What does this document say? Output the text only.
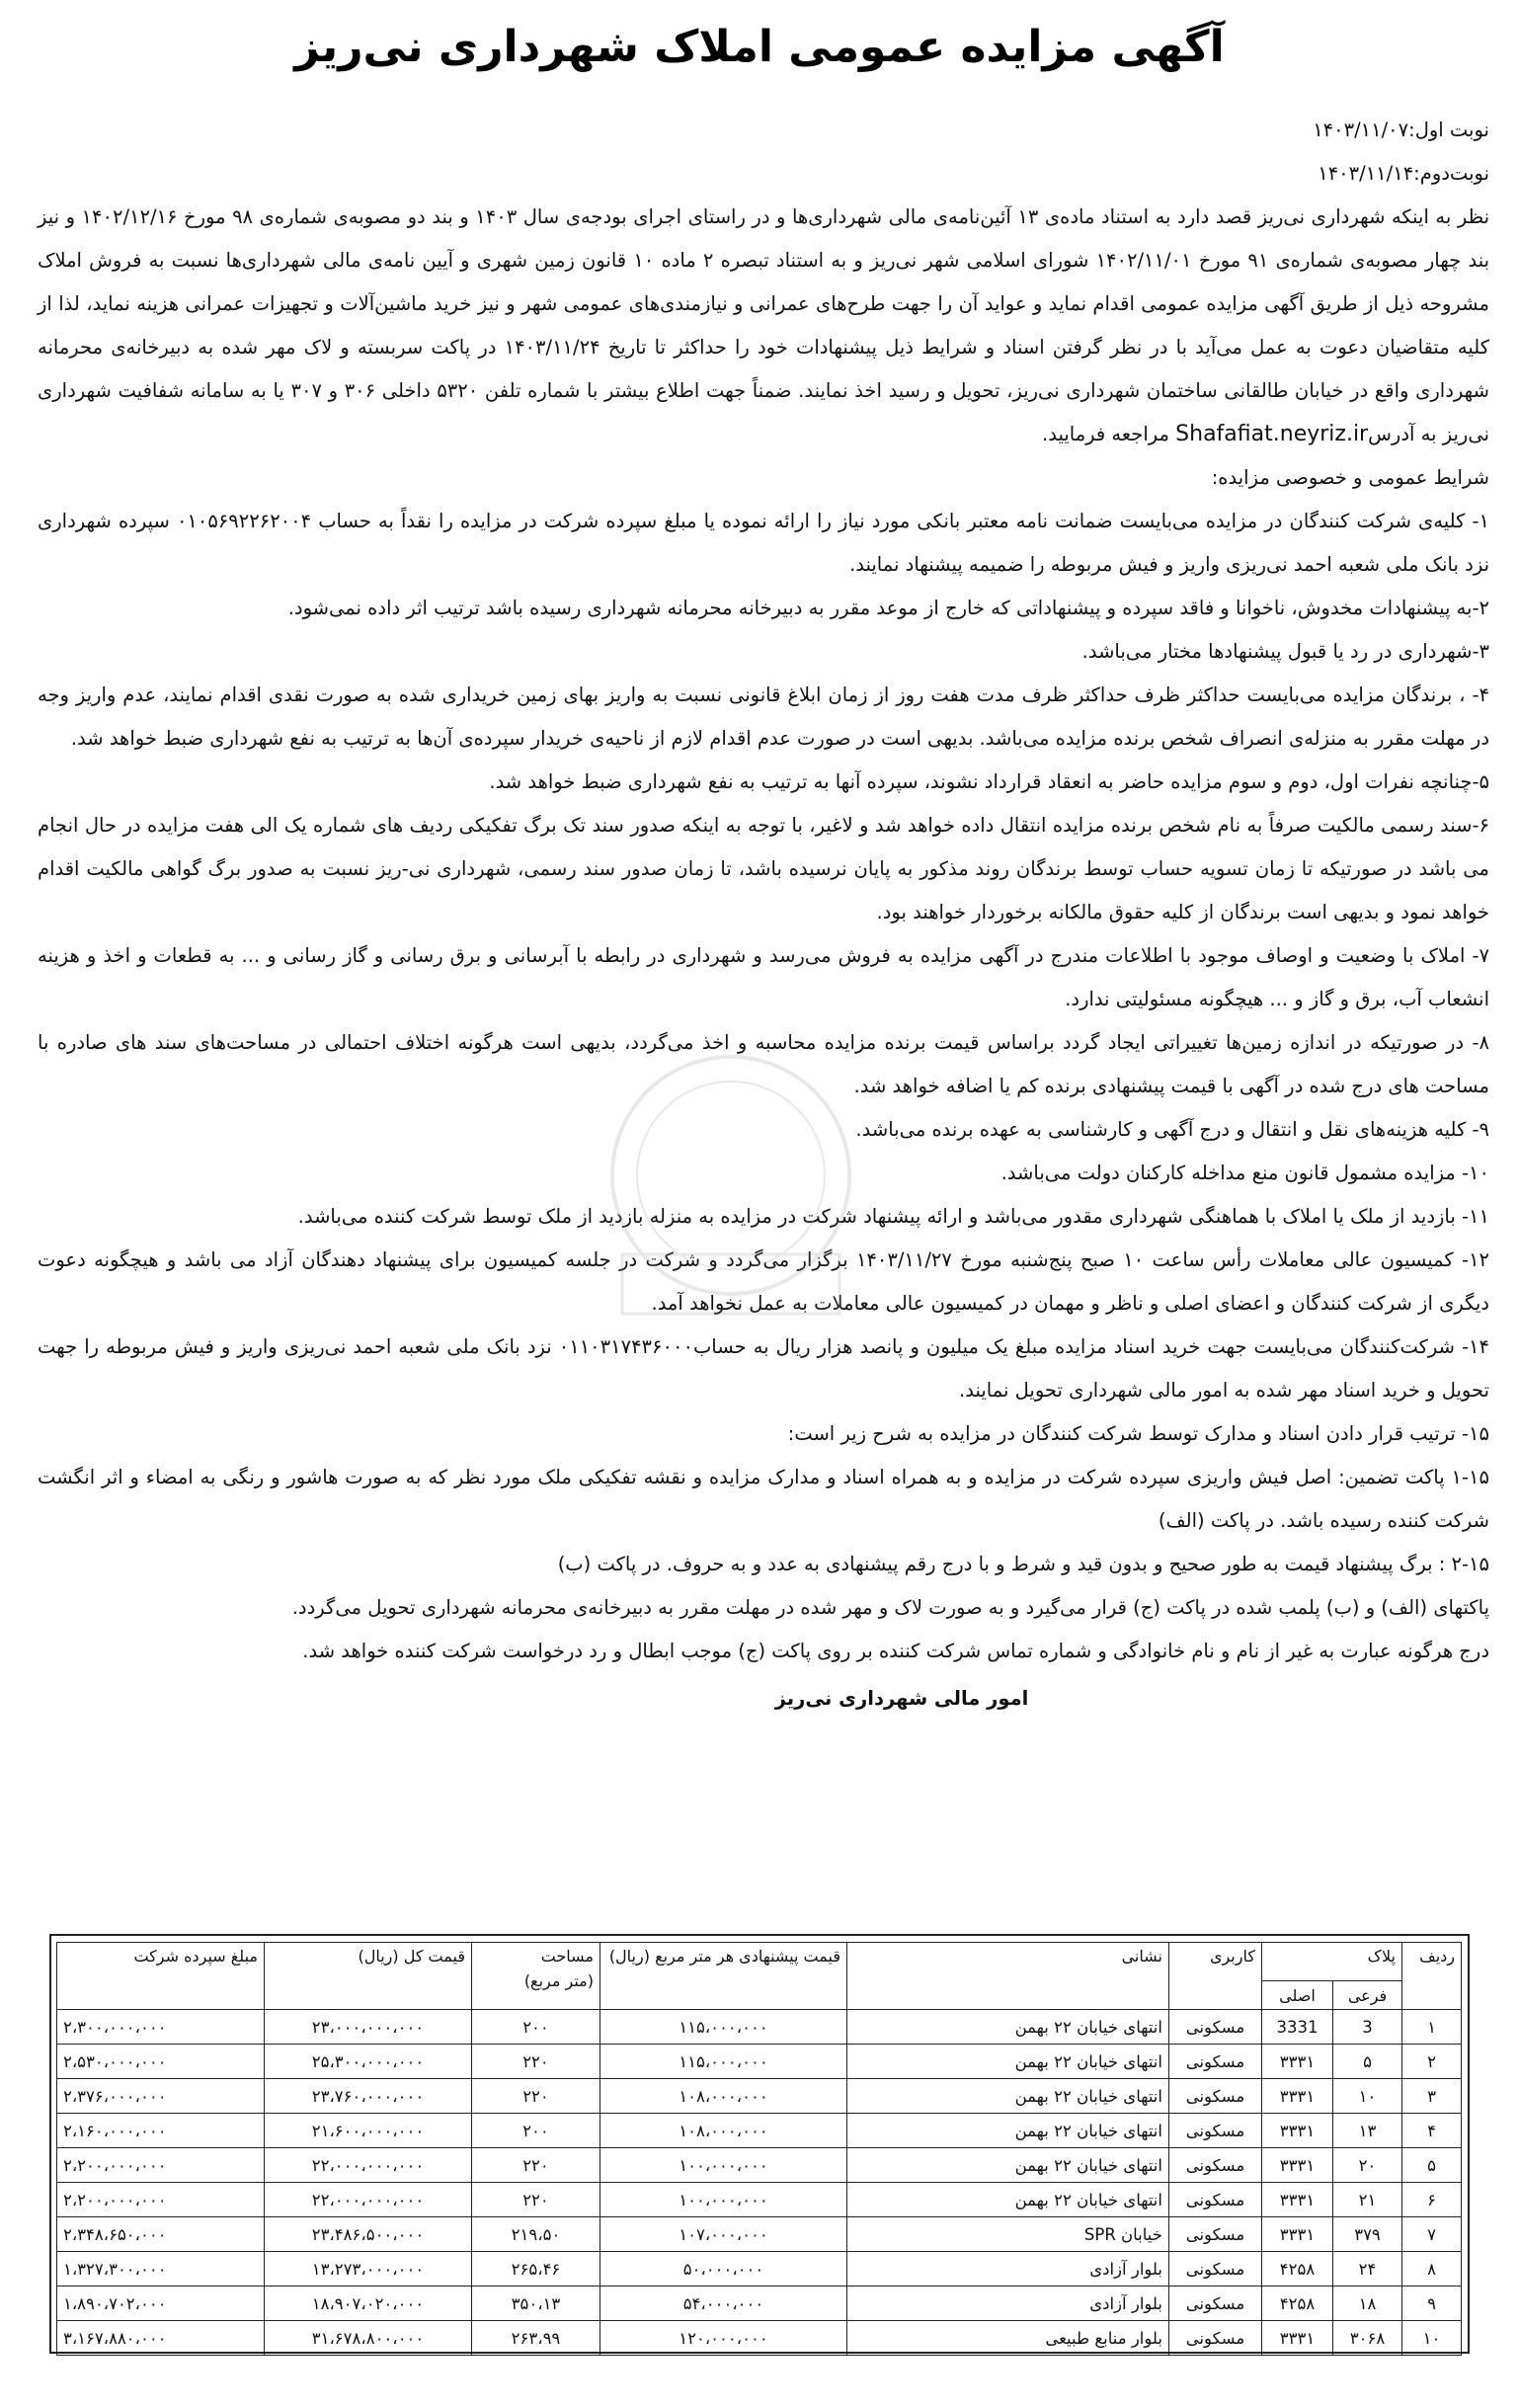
آگهی مزایده عمومی املاک شهرداری نی‌ریز

نوبت اول:۱۴۰۳/۱۱/۰۷

نوبت‌دوم:۱۴۰۳/۱۱/۱۴

نظر به اینکه شهرداری نی‌ریز قصد دارد به استناد ماده‌ی ۱۳ آئین‌نامه‌ی مالی شهرداری‌ها و در راستای اجرای بودجه‌ی سال ۱۴۰۳ و بند دو مصوبه‌ی شماره‌ی ۹۸ مورخ ۱۴۰۲/۱۲/۱۶ و نیز بند چهار مصوبه‌ی شماره‌ی ۹۱ مورخ ۱۴۰۲/۱۱/۰۱ شورای اسلامی شهر نی‌ریز و به استناد تبصره ۲ ماده ۱۰ قانون زمین شهری و آیین نامه‌ی مالی شهرداری‌ها نسبت به فروش املاک مشروحه ذیل از طریق آگهی مزایده عمومی اقدام نماید و عواید آن را جهت طرح‌های عمرانی و نیازمندی‌های عمومی شهر و نیز خرید ماشین‌آلات و تجهیزات عمرانی هزینه نماید، لذا از کلیه متقاضیان دعوت به عمل می‌آید با در نظر گرفتن اسناد و شرایط ذیل پیشنهادات خود را حداکثر تا تاریخ ۱۴۰۳/۱۱/۲۴ در پاکت سربسته و لاک مهر شده به دبیرخانه‌ی محرمانه شهرداری واقع در خیابان طالقانی ساختمان شهرداری نی‌ریز، تحویل و رسید اخذ نمایند. ضمناً جهت اطلاع بیشتر با شماره تلفن ۵۳۲۰ داخلی ۳۰۶ و ۳۰۷ یا به سامانه شفافیت شهرداری نی‌ریز به آدرسShafafiat.neyriz.ir مراجعه فرمایید.

شرایط عمومی و خصوصی مزایده:

۱- کلیه‌ی شرکت کنندگان در مزایده می‌بایست ضمانت نامه معتبر بانکی مورد نیاز را ارائه نموده یا مبلغ سپرده شرکت در مزایده را نقداً به حساب ۰۱۰۵۶۹۲۲۶۲۰۰۴ سپرده شهرداری نزد بانک ملی شعبه احمد نی‌ریزی واریز و فیش مربوطه را ضمیمه پیشنهاد نمایند.

۲-به پیشنهادات مخدوش، ناخوانا و فاقد سپرده و پیشنهاداتی که خارج از موعد مقرر به دبیرخانه محرمانه شهرداری رسیده باشد ترتیب اثر داده نمی‌شود.

۳-شهرداری در رد یا قبول پیشنهادها مختار می‌باشد.

۴- ، برندگان مزایده می‌بایست حداکثر ظرف حداکثر ظرف مدت هفت روز از زمان ابلاغ قانونی نسبت به واریز بهای زمین خریداری شده به صورت نقدی اقدام نمایند، عدم واریز وجه در مهلت مقرر به منزله‌ی انصراف شخص برنده مزایده می‌باشد. بدیهی است در صورت عدم اقدام لازم از ناحیه‌ی خریدار سپرده‌ی آن‌ها به ترتیب به نفع شهرداری ضبط خواهد شد.

۵-چنانچه نفرات اول، دوم و سوم مزایده حاضر به انعقاد قرارداد نشوند، سپرده آنها به ترتیب به نفع شهرداری ضبط خواهد شد.

۶-سند رسمی مالکیت صرفاً به نام شخص برنده مزایده انتقال داده خواهد شد و لاغیر، با توجه به اینکه صدور سند تک برگ تفکیکی ردیف های شماره یک الی هفت مزایده در حال انجام می باشد در صورتیکه تا زمان تسویه حساب توسط برندگان روند مذکور به پایان نرسیده باشد، تا زمان صدور سند رسمی، شهرداری نی-ریز نسبت به صدور برگ گواهی مالکیت اقدام خواهد نمود و بدیهی است برندگان از کلیه حقوق مالکانه برخوردار خواهند بود.

۷- املاک با وضعیت و اوصاف موجود با اطلاعات مندرج در آگهی مزایده به فروش می‌رسد و شهرداری در رابطه با آبرسانی و برق رسانی و گاز رسانی و ... به قطعات و اخذ و هزینه انشعاب آب، برق و گاز و ... هیچگونه مسئولیتی ندارد.

۸- در صورتیکه در اندازه زمین‌ها تغییراتی ایجاد گردد براساس قیمت برنده مزایده محاسبه و اخذ می‌گردد، بدیهی است هرگونه اختلاف احتمالی در مساحت‌های سند های صادره با مساحت های درج شده در آگهی با قیمت پیشنهادی برنده کم یا اضافه خواهد شد.

۹- کلیه هزینه‌های نقل و انتقال و درج آگهی و کارشناسی به عهده برنده می‌باشد.

۱۰- مزایده مشمول قانون منع مداخله کارکنان دولت می‌باشد.

۱۱- بازدید از ملک یا املاک با هماهنگی شهرداری مقدور می‌باشد و ارائه پیشنهاد شرکت در مزایده به منزله بازدید از ملک توسط شرکت کننده می‌باشد.

۱۲- کمیسیون عالی معاملات رأس ساعت ۱۰ صبح پنج‌شنبه مورخ ۱۴۰۳/۱۱/۲۷ برگزار می‌گردد و شرکت در جلسه کمیسیون برای پیشنهاد دهندگان آزاد می باشد و هیچگونه دعوت دیگری از شرکت کنندگان و اعضای اصلی و ناظر و مهمان در کمیسیون عالی معاملات به عمل نخواهد آمد.

۱۴- شرکت‌کنندگان می‌بایست جهت خرید اسناد مزایده مبلغ یک میلیون و پانصد هزار ریال به حساب۰۱۱۰۳۱۷۴۳۶۰۰۰ نزد بانک ملی شعبه احمد نی‌ریزی واریز و فیش مربوطه را جهت تحویل و خرید اسناد مهر شده به امور مالی شهرداری تحویل نمایند.

۱۵- ترتیب قرار دادن اسناد و مدارک توسط شرکت کنندگان در مزایده به شرح زیر است:

۱-۱۵ پاکت تضمین: اصل فیش واریزی سپرده شرکت در مزایده و به همراه اسناد و مدارک مزایده و نقشه تفکیکی ملک مورد نظر که به صورت هاشور و رنگی به امضاء و اثر انگشت شرکت کننده رسیده باشد. در پاکت (الف)

۲-۱۵ : برگ پیشنهاد قیمت به طور صحیح و بدون قید و شرط و با درج رقم پیشنهادی به عدد و به حروف. در پاکت (ب)

پاکتهای (الف) و (ب) پلمب شده در پاکت (ج) قرار می‌گیرد و به صورت لاک و مهر شده در مهلت مقرر به دبیرخانه‌ی محرمانه شهرداری تحویل می‌گردد.

درج هرگونه عبارت به غیر از نام و نام خانوادگی و شماره تماس شرکت کننده بر روی پاکت (ج) موجب ابطال و رد درخواست شرکت کننده خواهد شد.

امور مالی شهرداری نی‌ریز

ردیف	پلاک		کاربری	نشانی	قیمت پیشنهادی هر متر مربع (ریال)	مساحت
(متر مربع)	قیمت کل (ریال)	مبلغ سپرده شرکت
	فرعی	اصلی						
۱	3	3331	مسکونی	انتهای خیابان ۲۲ بهمن	۱۱۵،۰۰۰،۰۰۰	۲۰۰	۲۳،۰۰۰،۰۰۰،۰۰۰	۲،۳۰۰،۰۰۰،۰۰۰
۲	۵	۳۳۳۱	مسکونی	انتهای خیابان ۲۲ بهمن	۱۱۵،۰۰۰،۰۰۰	۲۲۰	۲۵،۳۰۰،۰۰۰،۰۰۰	۲،۵۳۰،۰۰۰،۰۰۰
۳	۱۰	۳۳۳۱	مسکونی	انتهای خیابان ۲۲ بهمن	۱۰۸،۰۰۰،۰۰۰	۲۲۰	۲۳،۷۶۰،۰۰۰،۰۰۰	۲،۳۷۶،۰۰۰،۰۰۰
۴	۱۳	۳۳۳۱	مسکونی	انتهای خیابان ۲۲ بهمن	۱۰۸،۰۰۰،۰۰۰	۲۰۰	۲۱،۶۰۰،۰۰۰،۰۰۰	۲،۱۶۰،۰۰۰،۰۰۰
۵	۲۰	۳۳۳۱	مسکونی	انتهای خیابان ۲۲ بهمن	۱۰۰،۰۰۰،۰۰۰	۲۲۰	۲۲،۰۰۰،۰۰۰،۰۰۰	۲،۲۰۰،۰۰۰،۰۰۰
۶	۲۱	۳۳۳۱	مسکونی	انتهای خیابان ۲۲ بهمن	۱۰۰،۰۰۰،۰۰۰	۲۲۰	۲۲،۰۰۰،۰۰۰،۰۰۰	۲،۲۰۰،۰۰۰،۰۰۰
۷	۳۷۹	۳۳۳۱	مسکونی	خیابان SPR	۱۰۷،۰۰۰،۰۰۰	۲۱۹،۵۰	۲۳،۴۸۶،۵۰۰،۰۰۰	۲،۳۴۸،۶۵۰،۰۰۰
۸	۲۴	۴۲۵۸	مسکونی	بلوار آزادی	۵۰،۰۰۰،۰۰۰	۲۶۵،۴۶	۱۳،۲۷۳،۰۰۰،۰۰۰	۱،۳۲۷،۳۰۰،۰۰۰
۹	۱۸	۴۲۵۸	مسکونی	بلوار آزادی	۵۴،۰۰۰،۰۰۰	۳۵۰،۱۳	۱۸،۹۰۷،۰۲۰،۰۰۰	۱،۸۹۰،۷۰۲،۰۰۰
۱۰	۳۰۶۸	۳۳۳۱	مسکونی	بلوار منابع طبیعی	۱۲۰،۰۰۰،۰۰۰	۲۶۳،۹۹	۳۱،۶۷۸،۸۰۰،۰۰۰	۳،۱۶۷،۸۸۰،۰۰۰
